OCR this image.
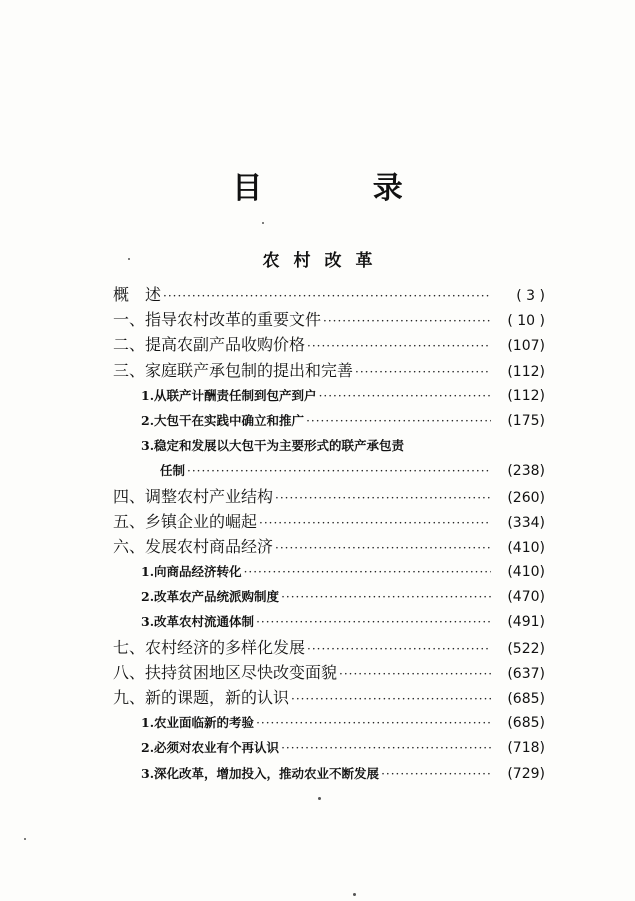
目 录
农村改革
概　述 ·····	( 3 )
一、指导农村改革的重要文件 ·····	( 10 )
二、提高农副产品收购价格 ·····	(107)
三、家庭联产承包制的提出和完善 ·····	(112)
1.从联产计酬责任制到包产到户 ·····	(112)
2.大包干在实践中确立和推广 ·····	(175)
3.稳定和发展以大包干为主要形式的联产承包责
任制 ·····	(238)
四、调整农村产业结构 ·····	(260)
五、乡镇企业的崛起 ·····	(334)
六、发展农村商品经济 ·····	(410)
1.向商品经济转化 ·····	(410)
2.改革农产品统派购制度 ·····	(470)
3.改革农村流通体制 ·····	(491)
七、农村经济的多样化发展 ·····	(522)
八、扶持贫困地区尽快改变面貌 ·····	(637)
九、新的课题，新的认识 ·····	(685)
1.农业面临新的考验 ·····	(685)
2.必须对农业有个再认识 ·····	(718)
3.深化改革，增加投入，推动农业不断发展 ·····	(729)
